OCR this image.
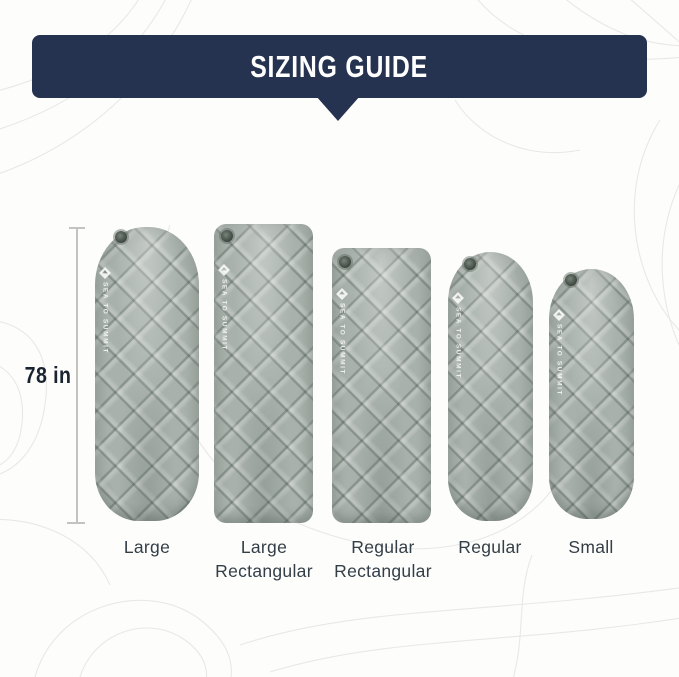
SIZING GUIDE
78 in
SEA TO SUMMIT	SEA TO SUMMIT	SEA TO SUMMIT	SEA TO SUMMIT	SEA TO SUMMIT
Large	Large
Rectangular
Regular
Rectangular
Regular	Small
